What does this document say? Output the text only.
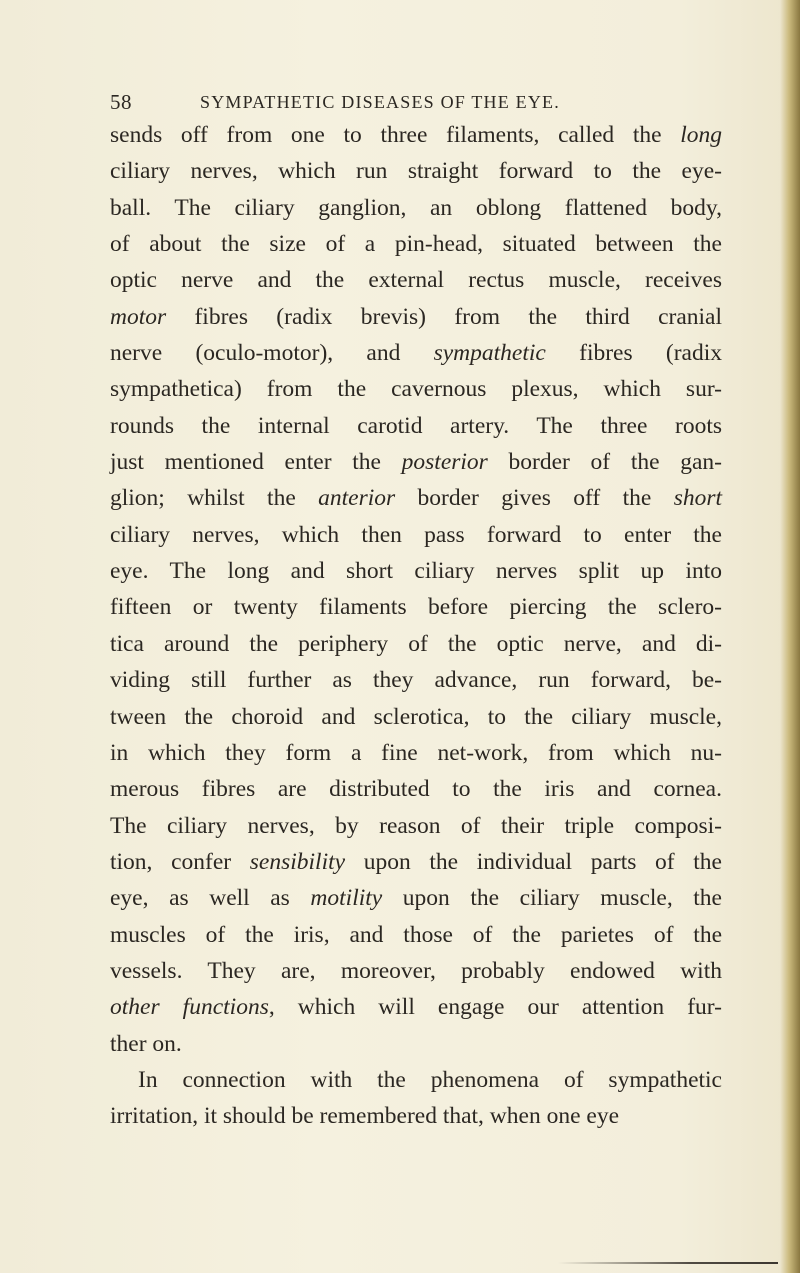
58	SYMPATHETIC DISEASES OF THE EYE.
sends off from one to three filaments, called the long
ciliary nerves, which run straight forward to the eye-
ball. The ciliary ganglion, an oblong flattened body,
of about the size of a pin-head, situated between the
optic nerve and the external rectus muscle, receives
motor fibres (radix brevis) from the third cranial
nerve (oculo-motor), and sympathetic fibres (radix
sympathetica) from the cavernous plexus, which sur-
rounds the internal carotid artery. The three roots
just mentioned enter the posterior border of the gan-
glion; whilst the anterior border gives off the short
ciliary nerves, which then pass forward to enter the
eye. The long and short ciliary nerves split up into
fifteen or twenty filaments before piercing the sclero-
tica around the periphery of the optic nerve, and di-
viding still further as they advance, run forward, be-
tween the choroid and sclerotica, to the ciliary muscle,
in which they form a fine net-work, from which nu-
merous fibres are distributed to the iris and cornea.
The ciliary nerves, by reason of their triple composi-
tion, confer sensibility upon the individual parts of the
eye, as well as motility upon the ciliary muscle, the
muscles of the iris, and those of the parietes of the
vessels. They are, moreover, probably endowed with
other functions, which will engage our attention fur-
ther on.
In connection with the phenomena of sympathetic
irritation, it should be remembered that, when one eye
